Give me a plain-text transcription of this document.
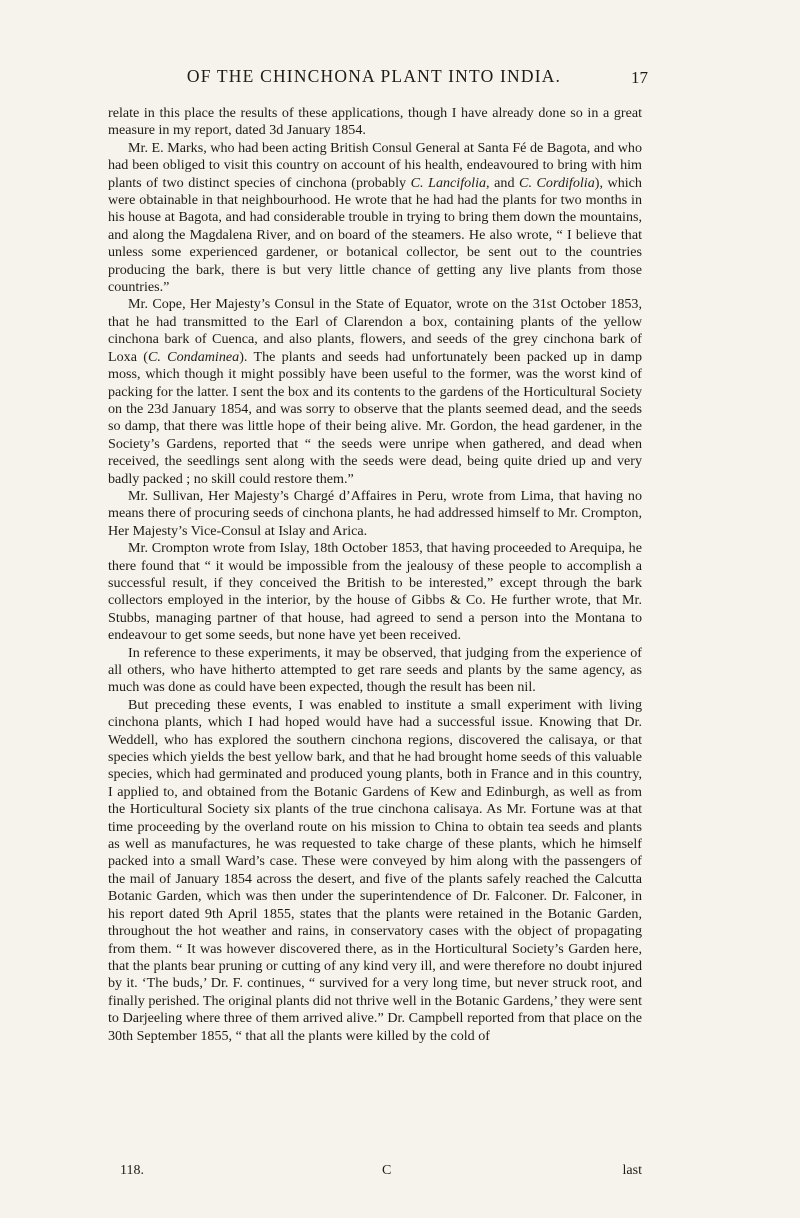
OF THE CHINCHONA PLANT INTO INDIA.	17

relate in this place the results of these applications, though I have already done so in a great measure in my report, dated 3d January 1854.

Mr. E. Marks, who had been acting British Consul General at Santa Fé de Bagota, and who had been obliged to visit this country on account of his health, endeavoured to bring with him plants of two distinct species of cinchona (probably C. Lancifolia, and C. Cordifolia), which were obtainable in that neighbourhood. He wrote that he had had the plants for two months in his house at Bagota, and had considerable trouble in trying to bring them down the mountains, and along the Magdalena River, and on board of the steamers. He also wrote, “ I believe that unless some experienced gardener, or botanical collector, be sent out to the countries producing the bark, there is but very little chance of getting any live plants from those countries.”

Mr. Cope, Her Majesty’s Consul in the State of Equator, wrote on the 31st October 1853, that he had transmitted to the Earl of Clarendon a box, containing plants of the yellow cinchona bark of Cuenca, and also plants, flowers, and seeds of the grey cinchona bark of Loxa (C. Condaminea). The plants and seeds had unfortunately been packed up in damp moss, which though it might possibly have been useful to the former, was the worst kind of packing for the latter. I sent the box and its contents to the gardens of the Horticultural Society on the 23d January 1854, and was sorry to observe that the plants seemed dead, and the seeds so damp, that there was little hope of their being alive. Mr. Gordon, the head gardener, in the Society’s Gardens, reported that “ the seeds were unripe when gathered, and dead when received, the seedlings sent along with the seeds were dead, being quite dried up and very badly packed ; no skill could restore them.”

Mr. Sullivan, Her Majesty’s Chargé d’Affaires in Peru, wrote from Lima, that having no means there of procuring seeds of cinchona plants, he had addressed himself to Mr. Crompton, Her Majesty’s Vice-Consul at Islay and Arica.

Mr. Crompton wrote from Islay, 18th October 1853, that having proceeded to Arequipa, he there found that “ it would be impossible from the jealousy of these people to accomplish a successful result, if they conceived the British to be interested,” except through the bark collectors employed in the interior, by the house of Gibbs & Co. He further wrote, that Mr. Stubbs, managing partner of that house, had agreed to send a person into the Montana to endeavour to get some seeds, but none have yet been received.

In reference to these experiments, it may be observed, that judging from the experience of all others, who have hitherto attempted to get rare seeds and plants by the same agency, as much was done as could have been expected, though the result has been nil.

But preceding these events, I was enabled to institute a small experiment with living cinchona plants, which I had hoped would have had a successful issue. Knowing that Dr. Weddell, who has explored the southern cinchona regions, discovered the calisaya, or that species which yields the best yellow bark, and that he had brought home seeds of this valuable species, which had germinated and produced young plants, both in France and in this country, I applied to, and obtained from the Botanic Gardens of Kew and Edinburgh, as well as from the Horticultural Society six plants of the true cinchona calisaya. As Mr. Fortune was at that time proceeding by the overland route on his mission to China to obtain tea seeds and plants as well as manufactures, he was requested to take charge of these plants, which he himself packed into a small Ward’s case. These were conveyed by him along with the passengers of the mail of January 1854 across the desert, and five of the plants safely reached the Calcutta Botanic Garden, which was then under the superintendence of Dr. Falconer. Dr. Falconer, in his report dated 9th April 1855, states that the plants were retained in the Botanic Garden, throughout the hot weather and rains, in conservatory cases with the object of propagating from them. “ It was however discovered there, as in the Horticultural Society’s Garden here, that the plants bear pruning or cutting of any kind very ill, and were therefore no doubt injured by it. ‘The buds,’ Dr. F. continues, “ survived for a very long time, but never struck root, and finally perished. The original plants did not thrive well in the Botanic Gardens,’ they were sent to Darjeeling where three of them arrived alive.” Dr. Campbell reported from that place on the 30th September 1855, “ that all the plants were killed by the cold of

118.	C	last
